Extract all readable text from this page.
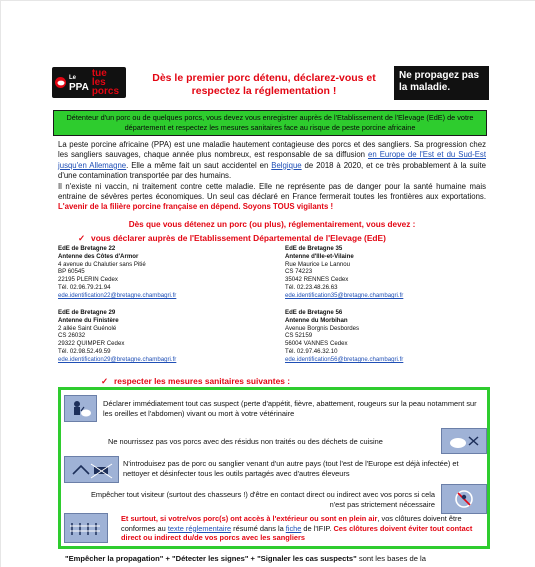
Le
PPA
tue les
porcs
Dès le premier porc détenu, déclarez-vous et respectez la réglementation !
Ne propagez pas la maladie.
Détenteur d'un porc ou de quelques porcs, vous devez vous enregistrer auprès de l'Etablissement de l'Elevage (EdE) de votre département et respectez les mesures sanitaires face au risque de peste porcine africaine
La peste porcine africaine (PPA) est une maladie hautement contagieuse des porcs et des sangliers. Sa progression chez les sangliers sauvages, chaque année plus nombreux, est responsable de sa diffusion en Europe de l'Est et du Sud-Est jusqu'en Allemagne. Elle a même fait un saut accidentel en Belgique de 2018 à 2020, et ce très probablement à la suite d'une contamination transportée par des humains.
Il n'existe ni vaccin, ni traitement contre cette maladie. Elle ne représente pas de danger pour la santé humaine mais entraine de sévères pertes économiques. Un seul cas déclaré en France fermerait toutes les frontières aux exportations. L'avenir de la filière porcine française en dépend. Soyons TOUS vigilants !
Dès que vous détenez un porc (ou plus), réglementairement, vous devez :
✓ vous déclarer auprès de l'Etablissement Départemental de l'Elevage (EdE)
EdE de Bretagne 22
Antenne des Côtes d'Armor
4 avenue du Chalutier sans Pitié
BP 60545
22195 PLERIN Cedex
Tél. 02.96.79.21.94
ede.identification22@bretagne.chambagri.fr
EdE de Bretagne 35
Antenne d'Ille-et-Vilaine
Rue Maurice Le Lannou
CS 74223
35042 RENNES Cedex
Tél. 02.23.48.26.63
ede.identification35@bretagne.chambagri.fr
EdE de Bretagne 29
Antenne du Finistère
2 allée Saint Guénolé
CS 26032
29322 QUIMPER Cedex
Tél. 02.98.52.49.59
ede.identification29@bretagne.chambagri.fr
EdE de Bretagne 56
Antenne du Morbihan
Avenue Borgnis Desbordes
CS 52159
56004 VANNES Cedex
Tél. 02.97.46.32.10
ede.identification56@bretagne.chambagri.fr
✓ respecter les mesures sanitaires suivantes :
Déclarer immédiatement tout cas suspect (perte d'appétit, fièvre, abattement, rougeurs sur la peau notamment sur les oreilles et l'abdomen) vivant ou mort à votre vétérinaire
Ne nourrissez pas vos porcs avec des résidus non traités ou des déchets de cuisine
N'introduisez pas de porc ou sanglier venant d'un autre pays (tout l'est de l'Europe est déjà infectée) et nettoyer et désinfecter tous les outils partagés avec d'autres éleveurs
Empêcher tout visiteur (surtout des chasseurs !) d'être en contact direct ou indirect avec vos porcs si cela n'est pas strictement nécessaire
Et surtout, si votre/vos porc(s) ont accès à l'extérieur ou sont en plein air, vos clôtures doivent être conformes au texte réglementaire résumé dans la fiche de l'IFIP. Ces clôtures doivent éviter tout contact direct ou indirect du/de vos porcs avec les sangliers
"Empêcher la propagation" + "Détecter les signes" + "Signaler les cas suspects" sont les bases de la
